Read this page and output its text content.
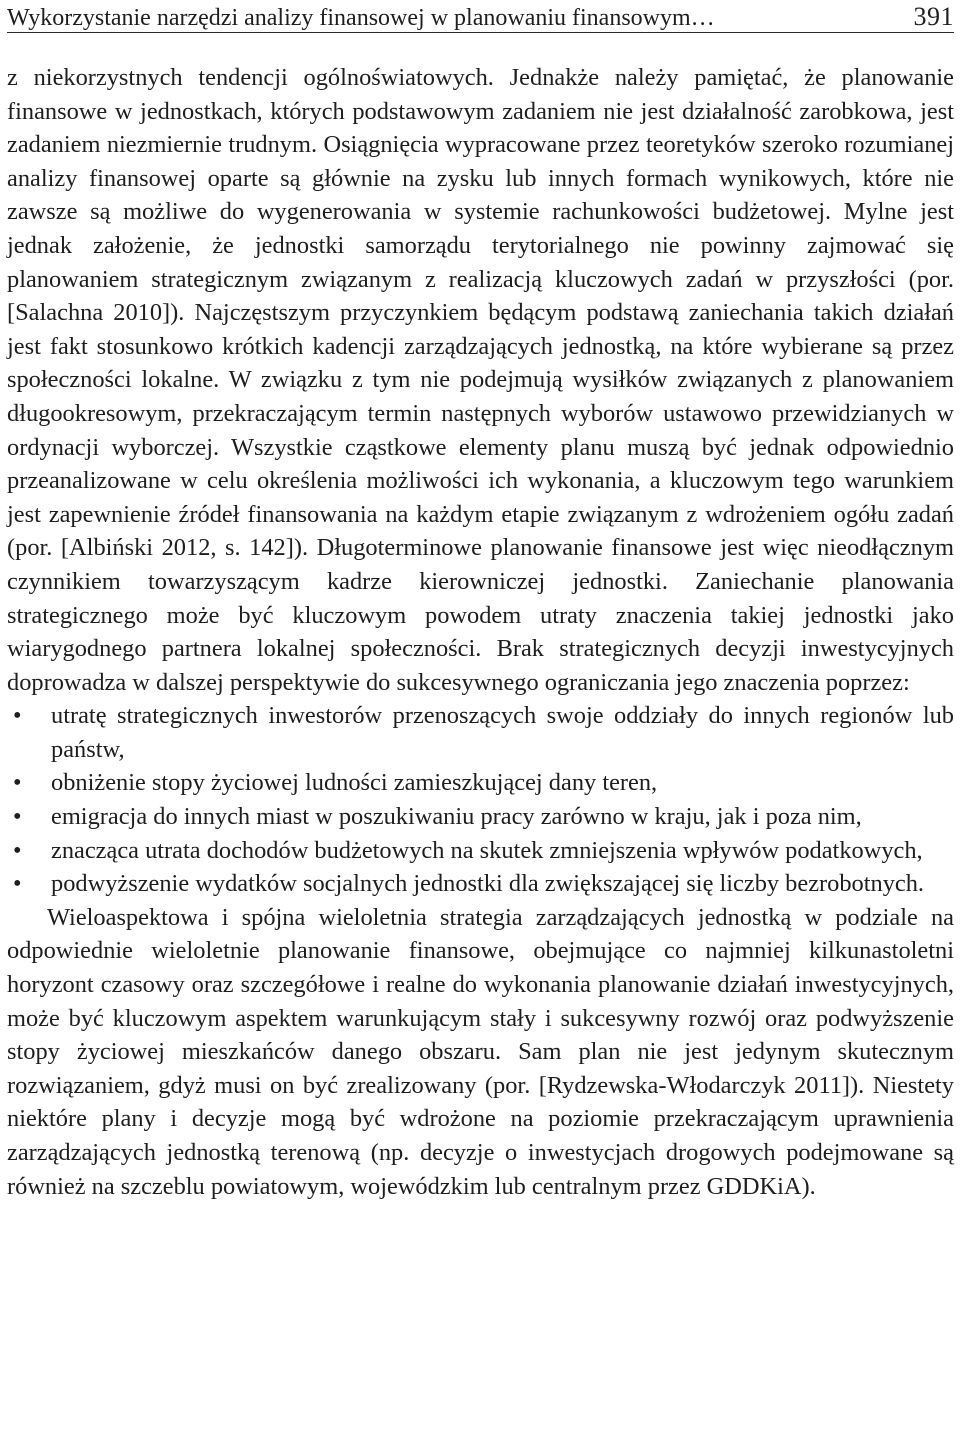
Wykorzystanie narzędzi analizy finansowej w planowaniu finansowym…	391

z niekorzystnych tendencji ogólnoświatowych. Jednakże należy pamiętać, że planowanie finansowe w jednostkach, których podstawowym zadaniem nie jest działalność zarobkowa, jest zadaniem niezmiernie trudnym. Osiągnięcia wypracowane przez teoretyków szeroko rozumianej analizy finansowej oparte są głównie na zysku lub innych formach wynikowych, które nie zawsze są możliwe do wygenerowania w systemie rachunkowości budżetowej. Mylne jest jednak założenie, że jednostki samorządu terytorialnego nie powinny zajmować się planowaniem strategicznym związanym z realizacją kluczowych zadań w przyszłości (por. [Salachna 2010]). Najczęstszym przyczynkiem będącym podstawą zaniechania takich działań jest fakt stosunkowo krótkich kadencji zarządzających jednostką, na które wybierane są przez społeczności lokalne. W związku z tym nie podejmują wysiłków związanych z planowaniem długookresowym, przekraczającym termin następnych wyborów ustawowo przewidzianych w ordynacji wyborczej. Wszystkie cząstkowe elementy planu muszą być jednak odpowiednio przeanalizowane w celu określenia możliwości ich wykonania, a kluczowym tego warunkiem jest zapewnienie źródeł finansowania na każdym etapie związanym z wdrożeniem ogółu zadań (por. [Albiński 2012, s. 142]). Długoterminowe planowanie finansowe jest więc nieodłącznym czynnikiem towarzyszącym kadrze kierowniczej jednostki. Zaniechanie planowania strategicznego może być kluczowym powodem utraty znaczenia takiej jednostki jako wiarygodnego partnera lokalnej społeczności. Brak strategicznych decyzji inwestycyjnych doprowadza w dalszej perspektywie do sukcesywnego ograniczania jego znaczenia poprzez:

• utratę strategicznych inwestorów przenoszących swoje oddziały do innych regionów lub państw,
• obniżenie stopy życiowej ludności zamieszkującej dany teren,
• emigracja do innych miast w poszukiwaniu pracy zarówno w kraju, jak i poza nim,
• znacząca utrata dochodów budżetowych na skutek zmniejszenia wpływów podatkowych,
• podwyższenie wydatków socjalnych jednostki dla zwiększającej się liczby bezrobotnych.

Wieloaspektowa i spójna wieloletnia strategia zarządzających jednostką w podziale na odpowiednie wieloletnie planowanie finansowe, obejmujące co najmniej kilkunastoletni horyzont czasowy oraz szczegółowe i realne do wykonania planowanie działań inwestycyjnych, może być kluczowym aspektem warunkującym stały i sukcesywny rozwój oraz podwyższenie stopy życiowej mieszkańców danego obszaru. Sam plan nie jest jedynym skutecznym rozwiązaniem, gdyż musi on być zrealizowany (por. [Rydzewska-Włodarczyk 2011]). Niestety niektóre plany i decyzje mogą być wdrożone na poziomie przekraczającym uprawnienia zarządzających jednostką terenową (np. decyzje o inwestycjach drogowych podejmowane są również na szczeblu powiatowym, wojewódzkim lub centralnym przez GDDKiA).
